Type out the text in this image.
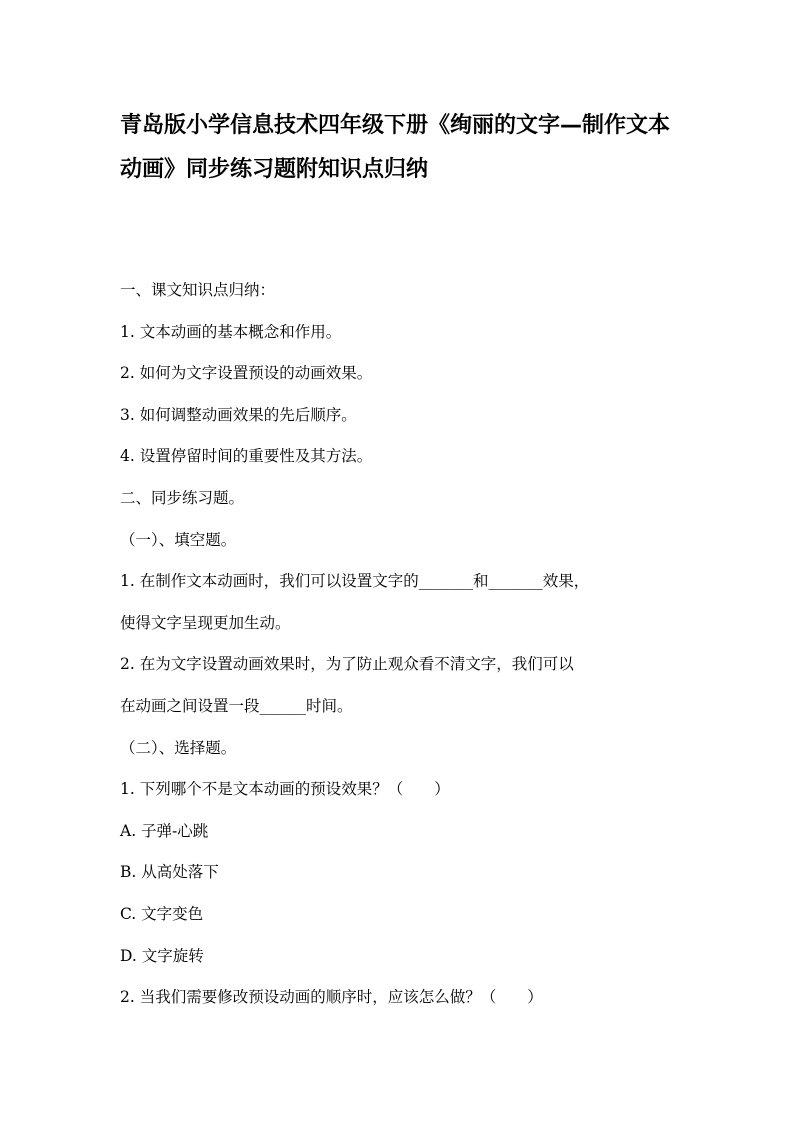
青岛版小学信息技术四年级下册《绚丽的文字—制作文本
动画》同步练习题附知识点归纳
一、课文知识点归纳：
1. 文本动画的基本概念和作用。
2. 如何为文字设置预设的动画效果。
3. 如何调整动画效果的先后顺序。
4. 设置停留时间的重要性及其方法。
二、同步练习题。
（一）、填空题。
1. 在制作文本动画时，我们可以设置文字的_______和_______效果，
使得文字呈现更加生动。
2. 在为文字设置动画效果时，为了防止观众看不清文字，我们可以
在动画之间设置一段______时间。
（二）、选择题。
1. 下列哪个不是文本动画的预设效果？（　　）
A. 子弹-心跳
B. 从高处落下
C. 文字变色
D. 文字旋转
2. 当我们需要修改预设动画的顺序时，应该怎么做？（　　）
